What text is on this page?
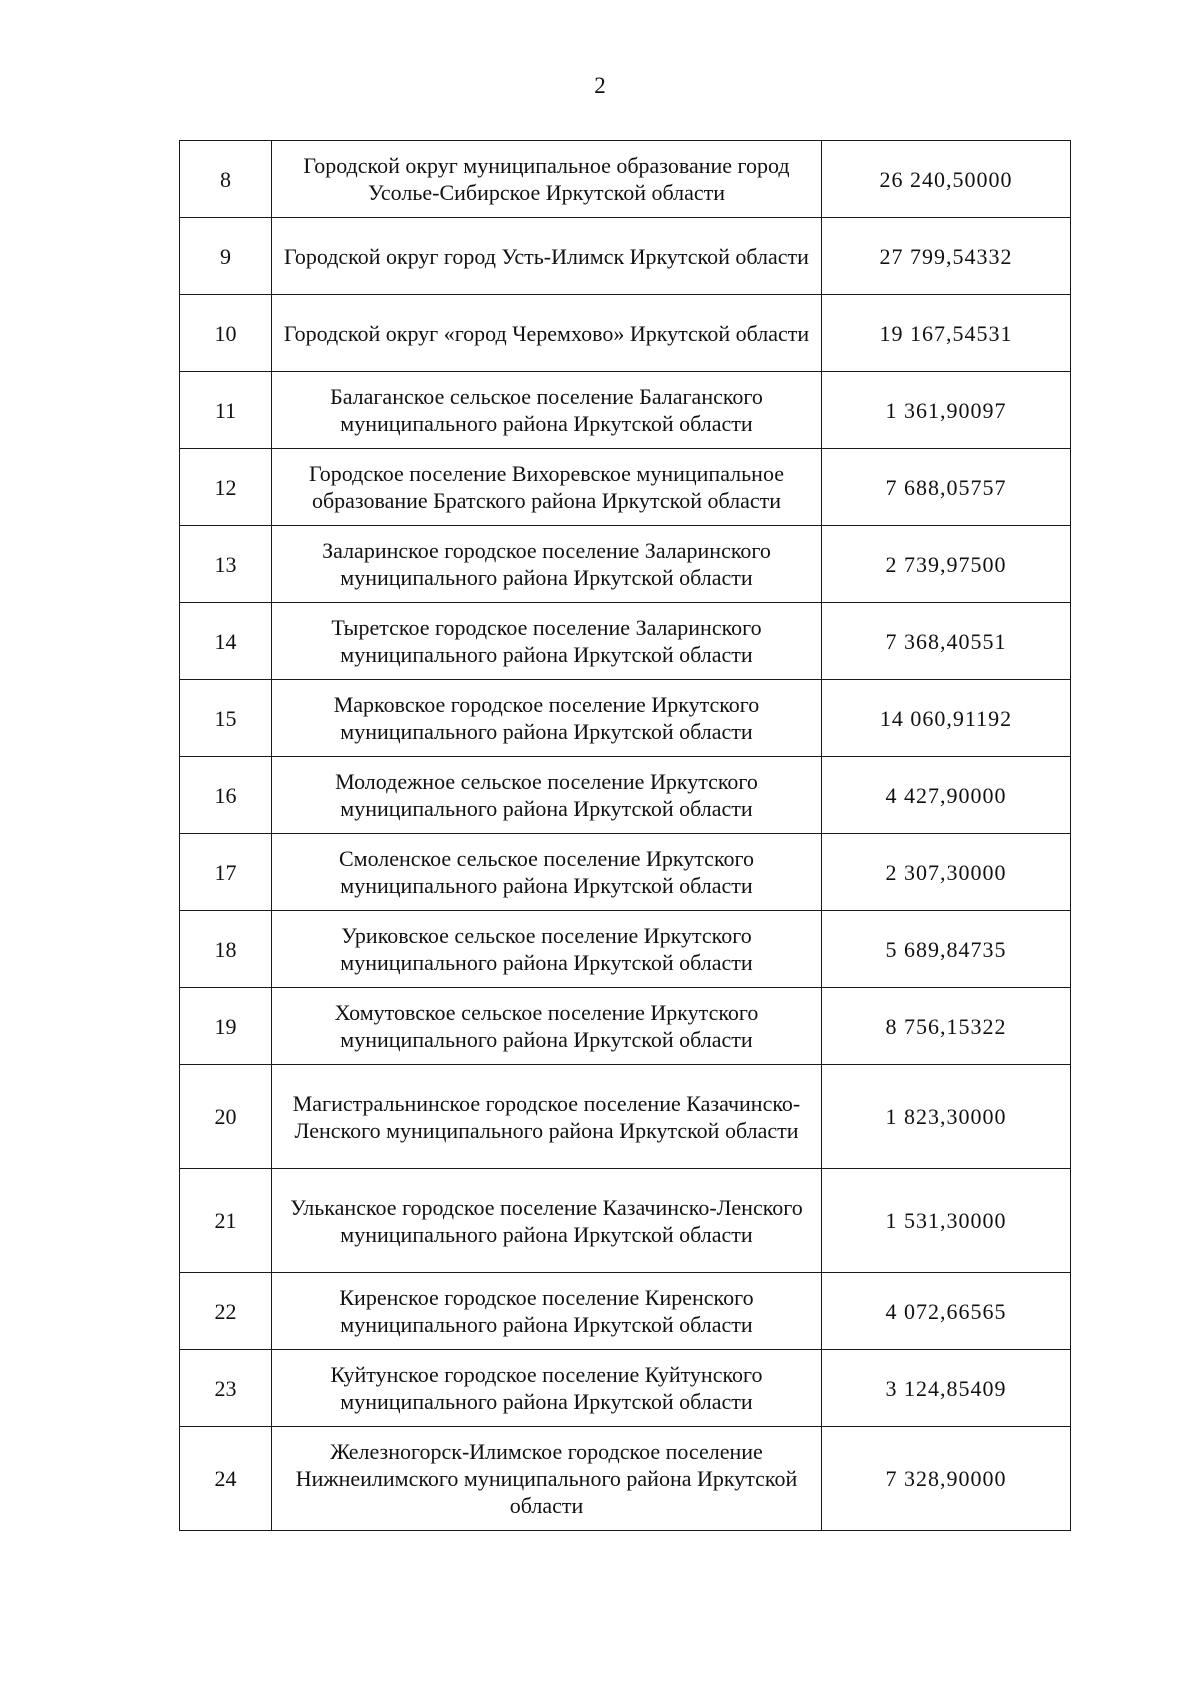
2
8	Городской округ муниципальное образование город Усолье-Сибирское Иркутской области	26 240,50000
9	Городской округ город Усть-Илимск Иркутской области	27 799,54332
10	Городской округ «город Черемхово» Иркутской области	19 167,54531
11	Балаганское сельское поселение Балаганского муниципального района Иркутской области	1 361,90097
12	Городское поселение Вихоревское муниципальное образование Братского района Иркутской области	7 688,05757
13	Заларинское городское поселение Заларинского муниципального района Иркутской области	2 739,97500
14	Тыретское городское поселение Заларинского муниципального района Иркутской области	7 368,40551
15	Марковское городское поселение Иркутского муниципального района Иркутской области	14 060,91192
16	Молодежное сельское поселение Иркутского муниципального района Иркутской области	4 427,90000
17	Смоленское сельское поселение Иркутского муниципального района Иркутской области	2 307,30000
18	Уриковское сельское поселение Иркутского муниципального района Иркутской области	5 689,84735
19	Хомутовское сельское поселение Иркутского муниципального района Иркутской области	8 756,15322
20	Магистральнинское городское поселение Казачинско-Ленского муниципального района Иркутской области	1 823,30000
21	Ульканское городское поселение Казачинско-Ленского муниципального района Иркутской области	1 531,30000
22	Киренское городское поселение Киренского муниципального района Иркутской области	4 072,66565
23	Куйтунское городское поселение Куйтунского муниципального района Иркутской области	3 124,85409
24	Железногорск-Илимское городское поселение Нижнеилимского муниципального района Иркутской области	7 328,90000
